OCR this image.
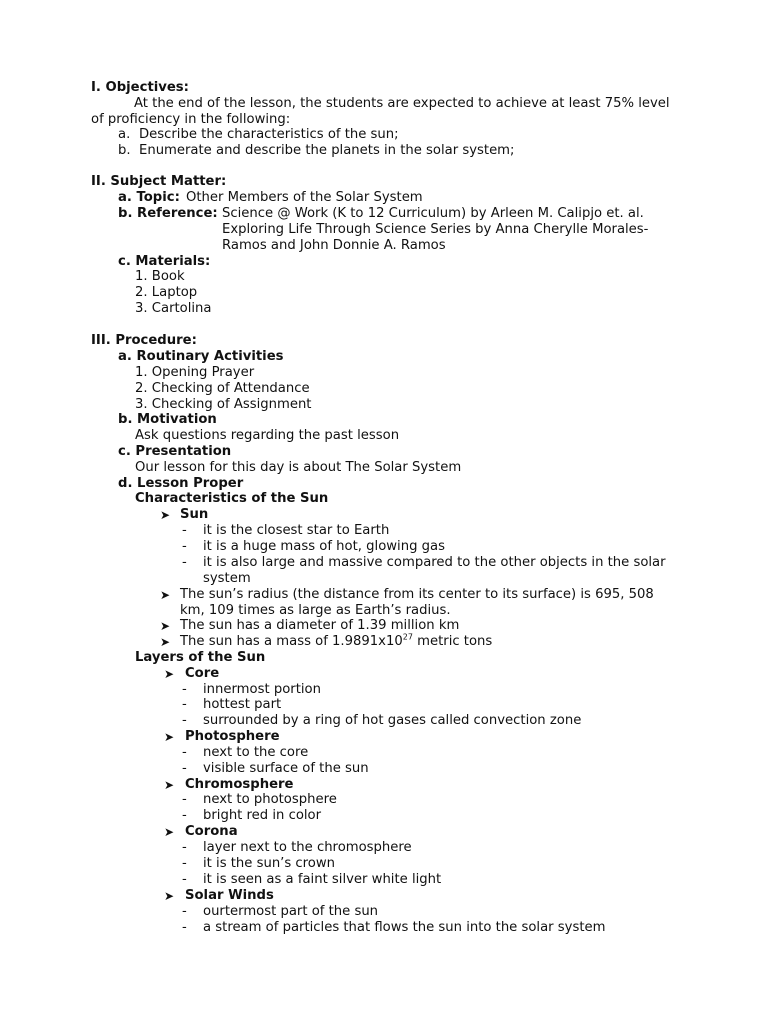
I. Objectives:
At the end of the lesson, the students are expected to achieve at least 75% level
of proficiency in the following:
a. Describe the characteristics of the sun;
b. Enumerate and describe the planets in the solar system;
II. Subject Matter:
a. Topic: Other Members of the Solar System
b. Reference: Science @ Work (K to 12 Curriculum) by Arleen M. Calipjo et. al.
Exploring Life Through Science Series by Anna Cherylle Morales-
Ramos and John Donnie A. Ramos
c. Materials:
1. Book
2. Laptop
3. Cartolina
III. Procedure:
a. Routinary Activities
1. Opening Prayer
2. Checking of Attendance
3. Checking of Assignment
b. Motivation
Ask questions regarding the past lesson
c. Presentation
Our lesson for this day is about The Solar System
d. Lesson Proper
Characteristics of the Sun
➤ Sun
- it is the closest star to Earth
- it is a huge mass of hot, glowing gas
- it is also large and massive compared to the other objects in the solar
system
➤ The sun’s radius (the distance from its center to its surface) is 695, 508
km, 109 times as large as Earth’s radius.
➤ The sun has a diameter of 1.39 million km
➤ The sun has a mass of $1.9891x10^{27}$ metric tons
Layers of the Sun
➤ Core
- innermost portion
- hottest part
- surrounded by a ring of hot gases called convection zone
➤ Photosphere
- next to the core
- visible surface of the sun
➤ Chromosphere
- next to photosphere
- bright red in color
➤ Corona
- layer next to the chromosphere
- it is the sun’s crown
- it is seen as a faint silver white light
➤ Solar Winds
- ourtermost part of the sun
- a stream of particles that flows the sun into the solar system
